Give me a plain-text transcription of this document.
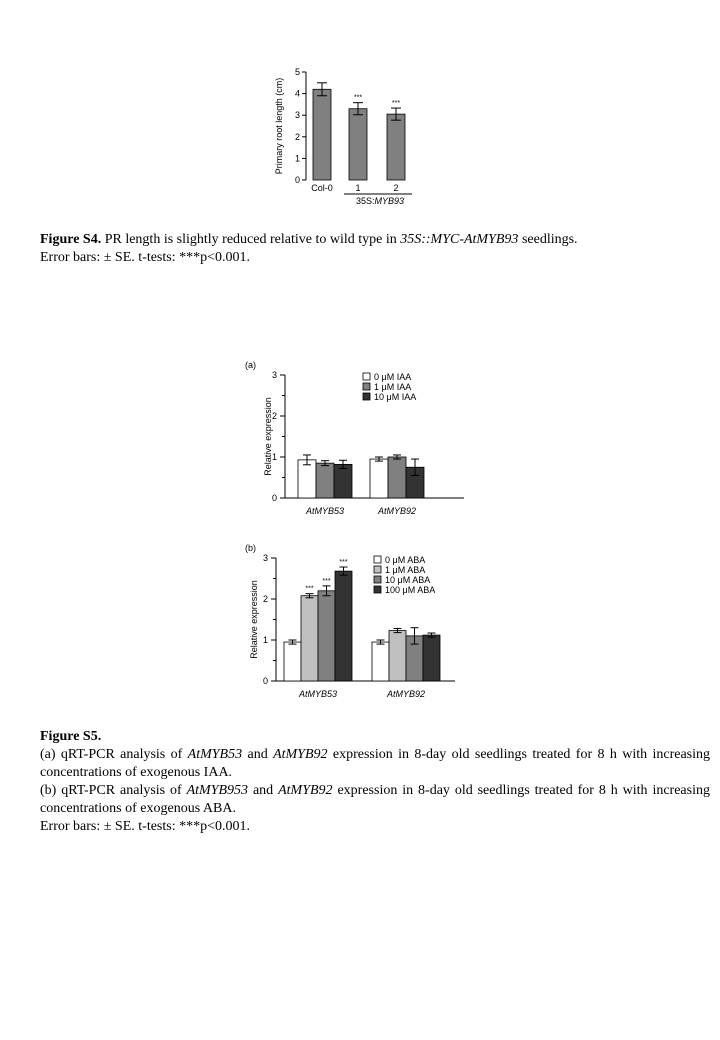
0
1
2
3
4
5
Primary root length (cm)
Col-0
***
1
***
2
35S:MYB93

Figure S4. PR length is slightly reduced relative to wild type in 35S::MYC-AtMYB93 seedlings.

Error bars: ± SE. t-tests: ***p<0.001.

(a)
0
1
2
3
Relative expression
AtMYB53	AtMYB92
0 μM IAA
1 μM IAA
10 μM IAA
(b)
0
1
2
3
Relative expression	***
***
***
AtMYB53	AtMYB92
0 μM ABA
1 μM ABA
10 μM ABA
100 μM ABA

Figure S5.

(a) qRT-PCR analysis of AtMYB53 and AtMYB92 expression in 8-day old seedlings treated for 8 h with increasing concentrations of exogenous IAA.

(b) qRT-PCR analysis of AtMYB953 and AtMYB92 expression in 8-day old seedlings treated for 8 h with increasing concentrations of exogenous ABA.

Error bars: ± SE. t-tests: ***p<0.001.
